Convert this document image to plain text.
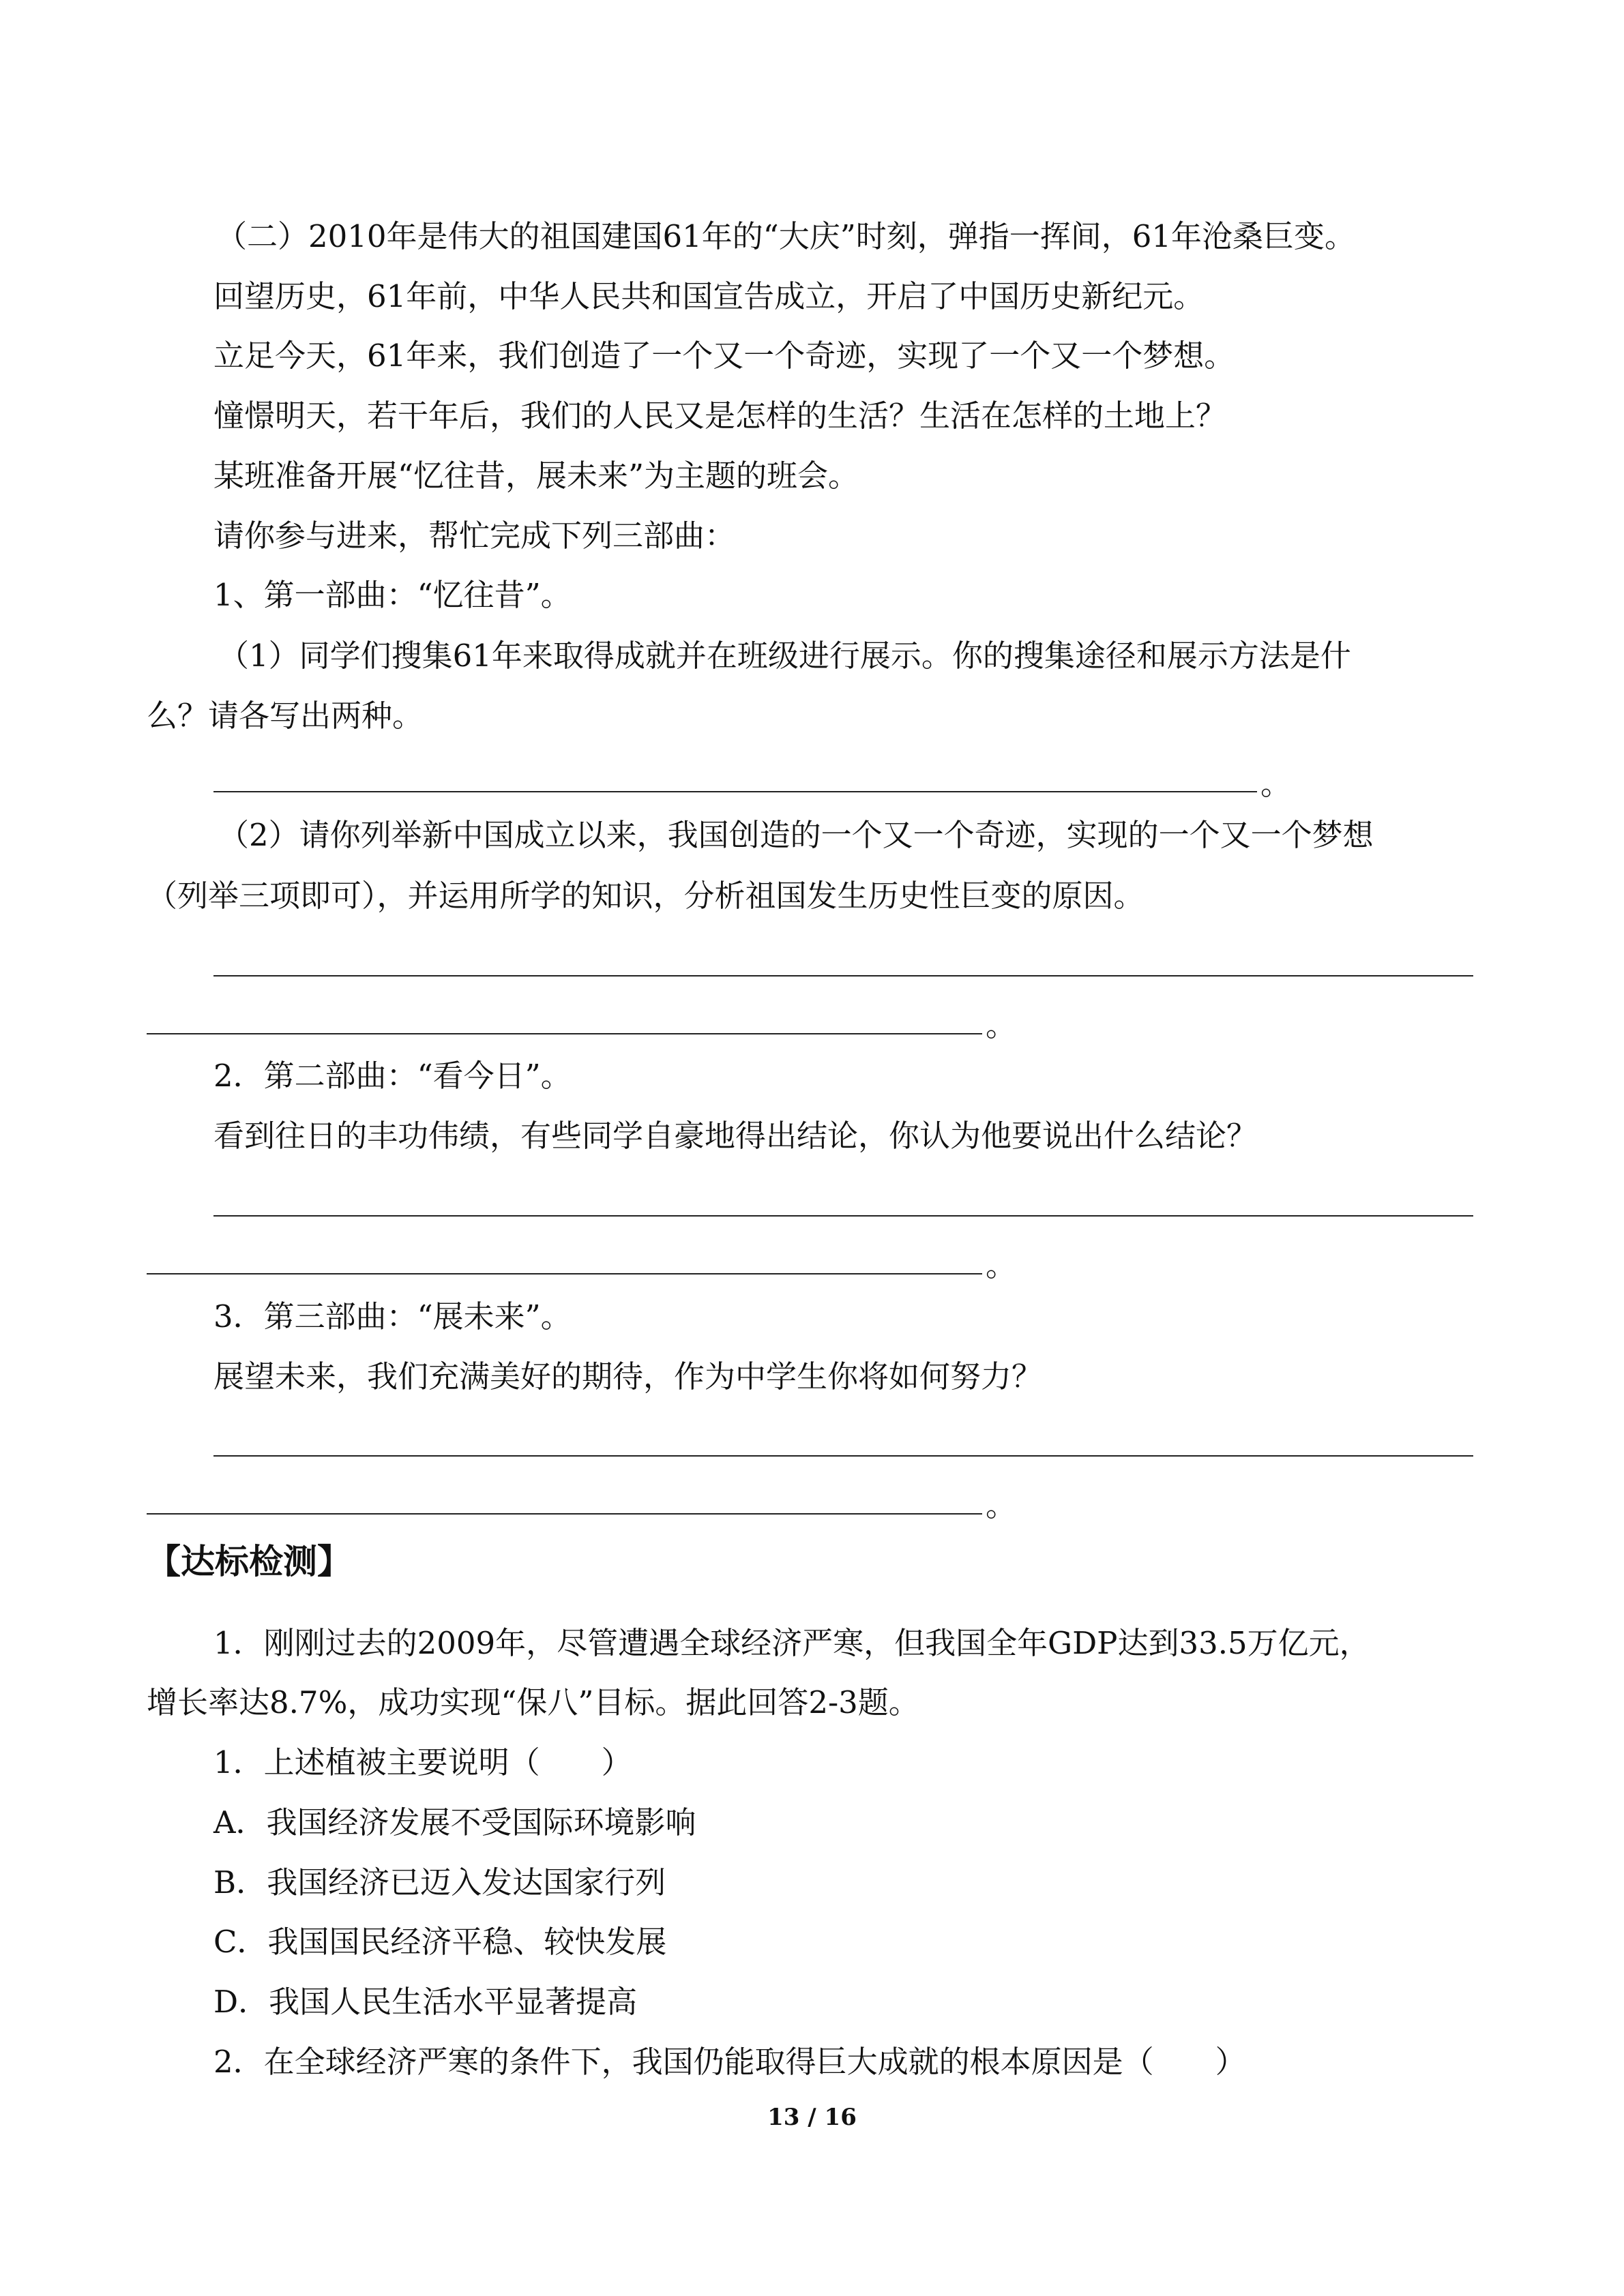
（二）2010年是伟大的祖国建国61年的“大庆”时刻，弹指一挥间，61年沧桑巨变。

回望历史，61年前，中华人民共和国宣告成立，开启了中国历史新纪元。

立足今天，61年来，我们创造了一个又一个奇迹，实现了一个又一个梦想。

憧憬明天，若干年后，我们的人民又是怎样的生活？生活在怎样的土地上？

某班准备开展“忆往昔，展未来”为主题的班会。

请你参与进来，帮忙完成下列三部曲：

1、第一部曲：“忆往昔”。

（1）同学们搜集61年来取得成就并在班级进行展示。你的搜集途径和展示方法是什

么？请各写出两种。

。

（2）请你列举新中国成立以来，我国创造的一个又一个奇迹，实现的一个又一个梦想

（列举三项即可），并运用所学的知识，分析祖国发生历史性巨变的原因。

。

2．第二部曲：“看今日”。

看到往日的丰功伟绩，有些同学自豪地得出结论，你认为他要说出什么结论？

。

3．第三部曲：“展未来”。

展望未来，我们充满美好的期待，作为中学生你将如何努力？

。
【达标检测】

1．刚刚过去的2009年，尽管遭遇全球经济严寒，但我国全年GDP达到33.5万亿元，

增长率达8.7%，成功实现“保八”目标。据此回答2-3题。

1．上述植被主要说明（　　）

A．我国经济发展不受国际环境影响

B．我国经济已迈入发达国家行列

C．我国国民经济平稳、较快发展

D．我国人民生活水平显著提高

2．在全球经济严寒的条件下，我国仍能取得巨大成就的根本原因是（　　）

13 / 16
